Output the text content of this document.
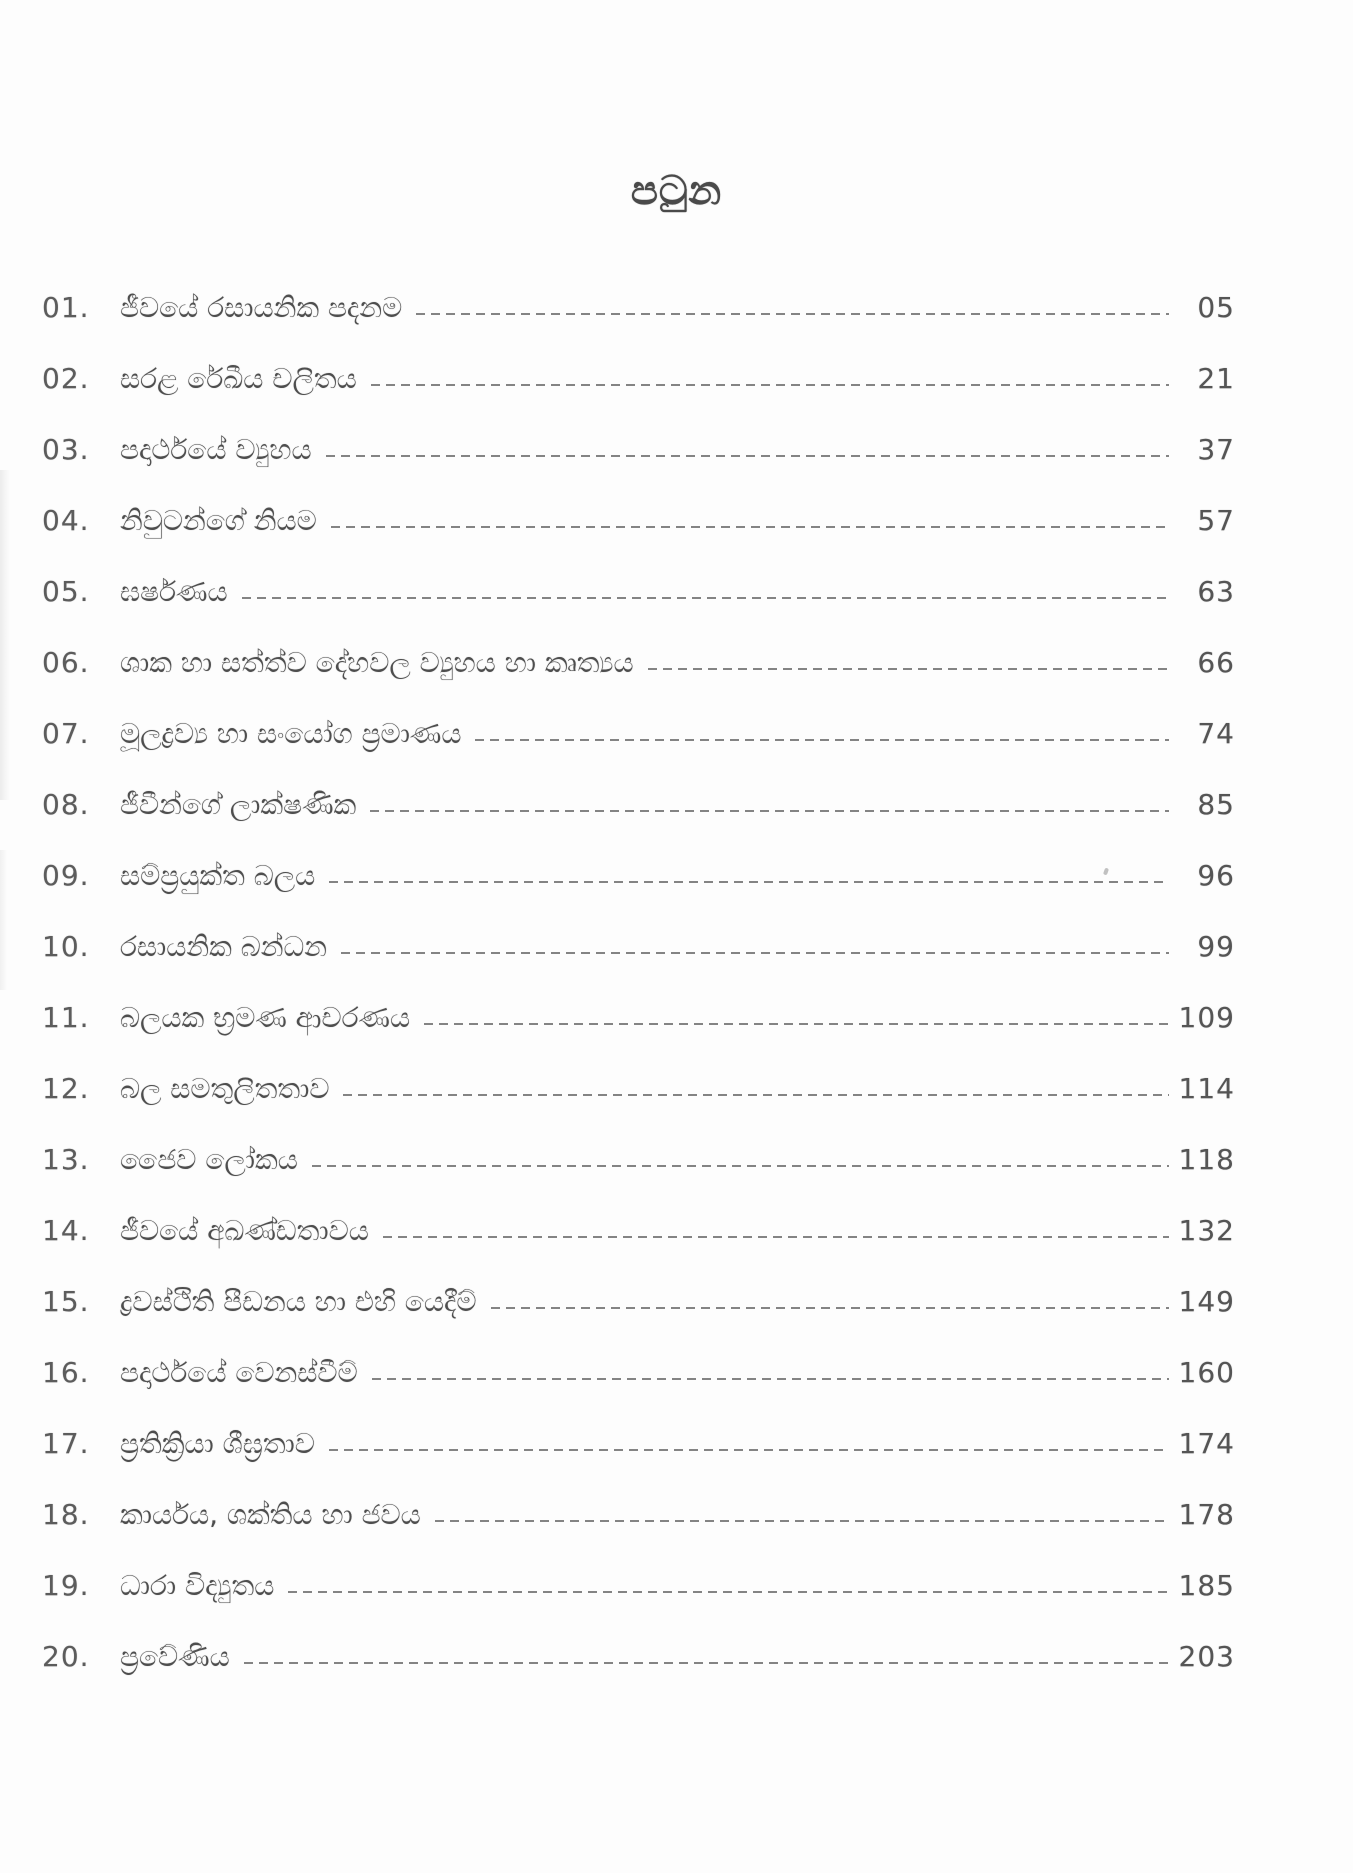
පටුන
01.	ජීවයේ රසායනික පදනම	05
02.	සරළ රේඛීය චලිතය	21
03.	පදාර්ථයේ ව්‍යුහය	37
04.	නිවුටන්ගේ නියම	57
05.	ඝර්ෂණය	63
06.	ශාක හා සත්ත්ව දේහවල ව්‍යුහය හා කෘත්‍යය	66
07.	මූලද්‍රව්‍ය හා සංයෝග ප්‍රමාණය	74
08.	ජීවීන්ගේ ලාක්ෂණික	85
09.	සම්ප්‍රයුක්ත බලය	96
10.	රසායනික බන්ධන	99
11.	බලයක භ්‍රමණ ආචරණය	109
12.	බල සමතුලිතතාව	114
13.	ජෛව ලෝකය	118
14.	ජීවයේ අඛණ්ඩතාවය	132
15.	ද්‍රවස්ථිති පීඩනය හා එහි යෙදීම්	149
16.	පදාර්ථයේ වෙනස්වීම්	160
17.	ප්‍රතික්‍රියා ශීඝ්‍රතාව	174
18.	කාර්යය, ශක්තිය හා ජවය	178
19.	ධාරා විද්‍යුතය	185
20.	ප්‍රවේණිය	203
